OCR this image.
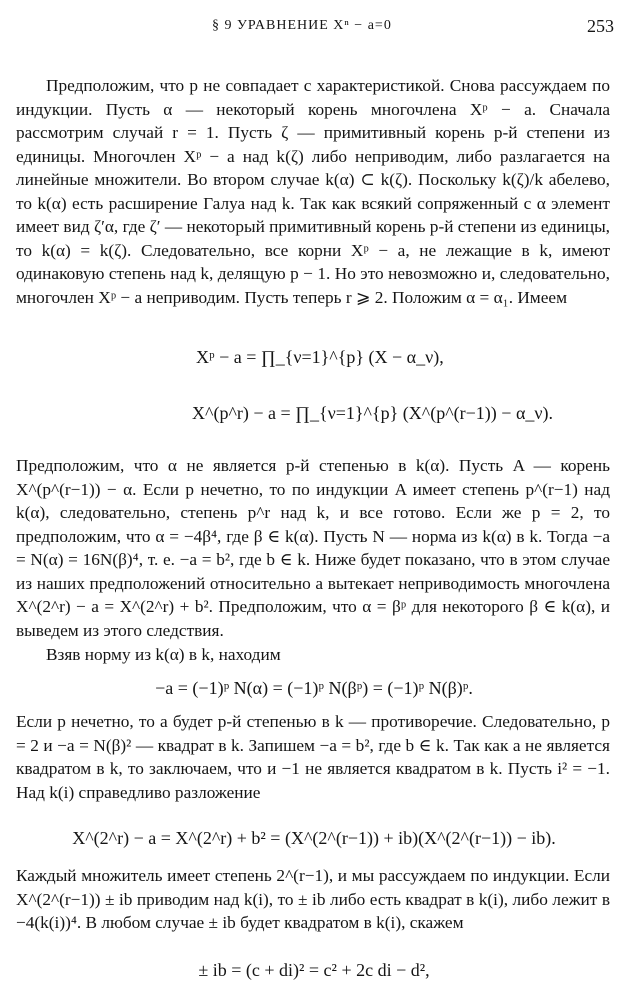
§ 9 УРАВНЕНИЕ Xⁿ − a=0	253

Предположим, что p не совпадает с характеристикой. Снова рассуждаем по индукции. Пусть α — некоторый корень многочлена Xᵖ − a. Сначала рассмотрим случай r = 1. Пусть ζ — примитивный корень p-й степени из единицы. Многочлен Xᵖ − a над k(ζ) либо неприводим, либо разлагается на линейные множители. Во втором случае k(α) ⊂ k(ζ). Поскольку k(ζ)/k абелево, то k(α) есть расширение Галуа над k. Так как всякий сопряженный с α элемент имеет вид ζ′α, где ζ′ — некоторый примитивный корень p-й степени из единицы, то k(α) = k(ζ). Следовательно, все корни Xᵖ − a, не лежащие в k, имеют одинаковую степень над k, делящую p − 1. Но это невозможно и, следовательно, многочлен Xᵖ − a неприводим. Пусть теперь r ⩾ 2. Положим α = α₁. Имеем

Xᵖ − a = ∏_{ν=1}^{p} (X − α_ν),
X^(p^r) − a = ∏_{ν=1}^{p} (X^(p^(r−1)) − α_ν).

Предположим, что α не является p-й степенью в k(α). Пусть A — корень X^(p^(r−1)) − α. Если p нечетно, то по индукции A имеет степень p^(r−1) над k(α), следовательно, степень p^r над k, и все готово. Если же p = 2, то предположим, что α = −4β⁴, где β ∈ k(α). Пусть N — норма из k(α) в k. Тогда −a = N(α) = 16N(β)⁴, т. е. −a = b², где b ∈ k. Ниже будет показано, что в этом случае из наших предположений относительно a вытекает неприводимость многочлена X^(2^r) − a = X^(2^r) + b². Предположим, что α = βᵖ для некоторого β ∈ k(α), и выведем из этого следствия.

Взяв норму из k(α) в k, находим

−a = (−1)ᵖ N(α) = (−1)ᵖ N(βᵖ) = (−1)ᵖ N(β)ᵖ.

Если p нечетно, то a будет p-й степенью в k — противоречие. Следовательно, p = 2 и −a = N(β)² — квадрат в k. Запишем −a = b², где b ∈ k. Так как a не является квадратом в k, то заключаем, что и −1 не является квадратом в k. Пусть i² = −1. Над k(i) справедливо разложение

X^(2^r) − a = X^(2^r) + b² = (X^(2^(r−1)) + ib)(X^(2^(r−1)) − ib).

Каждый множитель имеет степень 2^(r−1), и мы рассуждаем по индукции. Если X^(2^(r−1)) ± ib приводим над k(i), то ± ib либо есть квадрат в k(i), либо лежит в −4(k(i))⁴. В любом случае ± ib будет квадратом в k(i), скажем

± ib = (c + di)² = c² + 2c di − d²,
